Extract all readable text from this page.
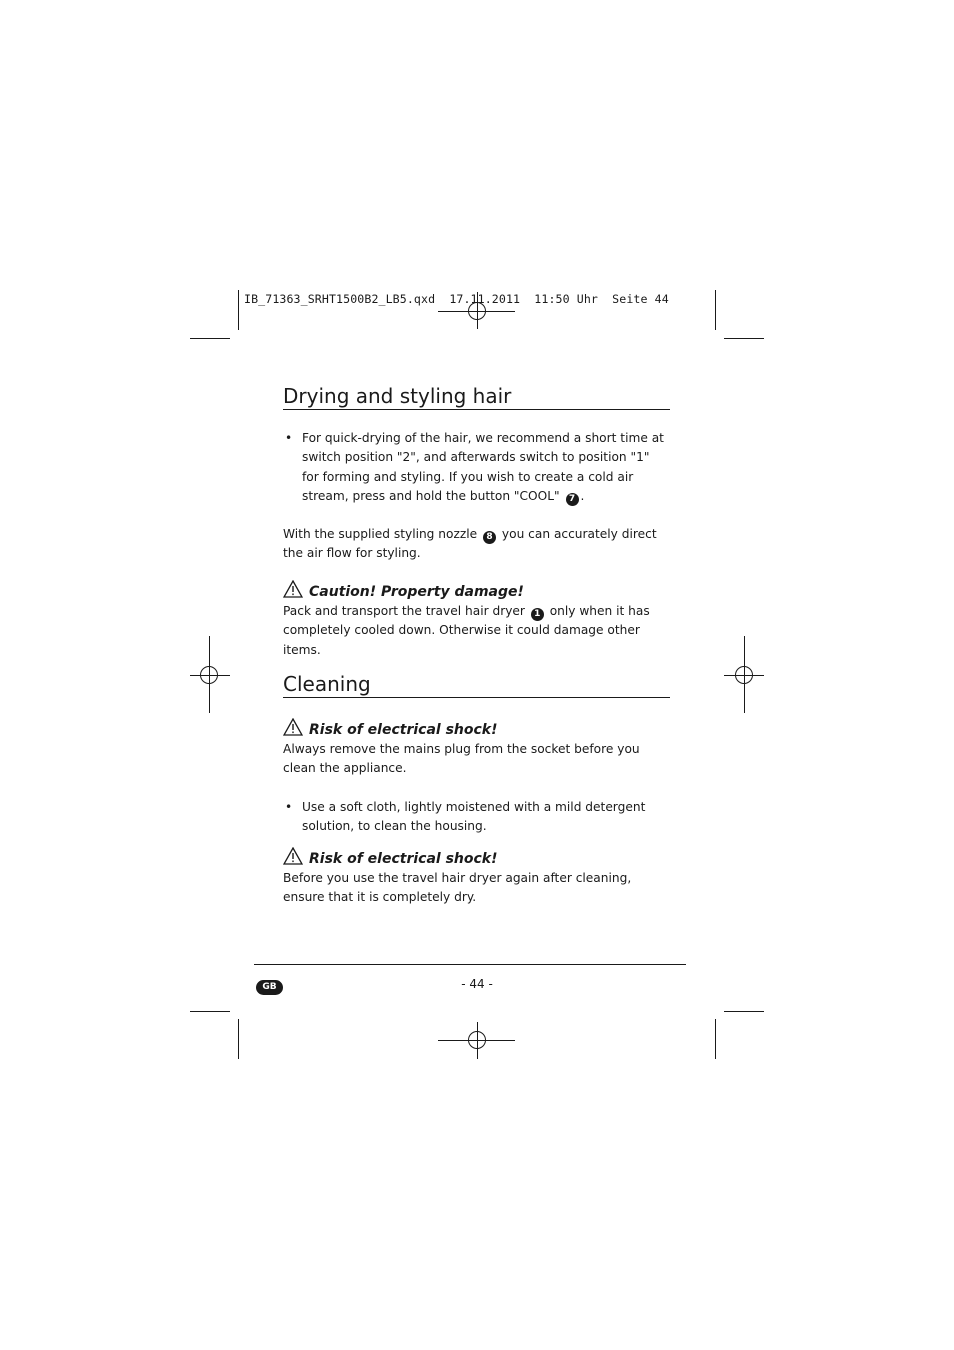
IB_71363_SRHT1500B2_LB5.qxd  17.11.2011  11:50 Uhr  Seite 44
Drying and styling hair
• For quick-drying of the hair, we recommend a short time at switch position "2", and afterwards switch to position "1" for forming and styling. If you wish to create a cold air stream, press and hold the button "COOL" 7 .
With the supplied styling nozzle 8 you can accurately direct the air flow for styling.
Caution! Property damage!
Pack and transport the travel hair dryer 1 only when it has completely cooled down. Otherwise it could damage other items.
Cleaning
Risk of electrical shock!
Always remove the mains plug from the socket before you clean the appliance.
• Use a soft cloth, lightly moistened with a mild detergent solution, to clean the housing.
Risk of electrical shock!
Before you use the travel hair dryer again after cleaning, ensure that it is completely dry.
GB	- 44 -
